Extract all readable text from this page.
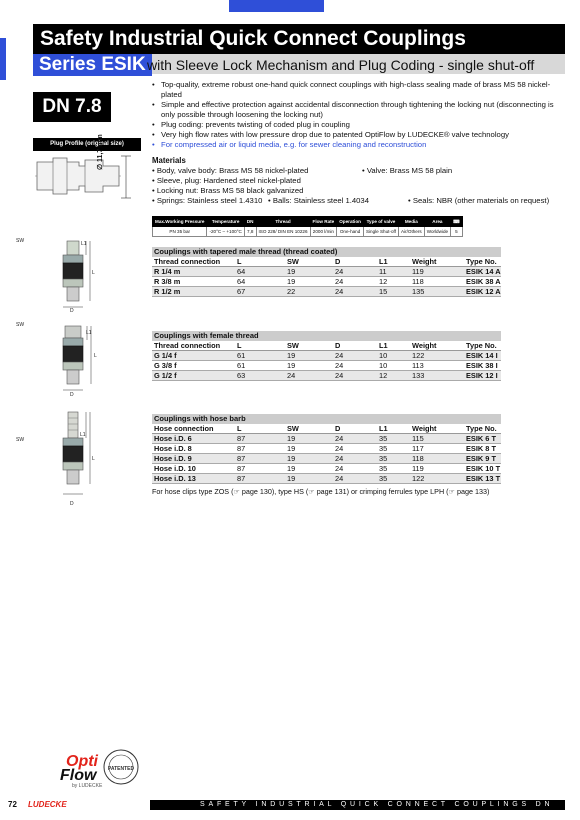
Safety Industrial Quick Connect Couplings
Series ESIK with Sleeve Lock Mechanism and Plug Coding - single shut-off
DN 7.8
Plug Profile (original size)
∅ 11,7 mm
• Top-quality, extreme robust one-hand quick connect couplings with high-class sealing made of brass MS 58 nickel-plated
• Simple and effective protection against accidental disconnection through tightening the locking nut (disconnecting is only possible through loosening the locking nut)
• Plug coding: prevents twisting of coded plug in coupling
• Very high flow rates with low pressure drop due to patented OptiFlow by LUDECKE® valve technology
• For compressed air or liquid media, e.g. for sewer cleaning and reconstruction
Materials
• Body, valve body: Brass MS 58 nickel-plated	• Valve: Brass MS 58 plain
• Sleeve, plug: Hardened steel nickel-plated
• Locking nut: Brass MS 58 black galvanized
• Springs: Stainless steel 1.4310 • Balls: Stainless steel 1.4034	• Seals: NBR (other materials on request)
Max.Working Pressure	Temperature	DN	Thread	Flow Rate	Operation	Type of valve	Media	Area	⌨
PN 35 bar	-20°C – +100°C	7,8	ISO 228/ DIN EN 10226	2000 l/min	One-hand	Single Shut-off	Air/Others	Worldwide	5
SW	L1
L
D
SW
L1
L
D
SW
L1
L
D
Couplings with tapered male thread (thread coated)
Thread connection	L	SW	D	L1	Weight	Type No.
R 1/4 m	64	19	24	11	119	ESIK 14 A
R 3/8 m	64	19	24	12	118	ESIK 38 A
R 1/2 m	67	22	24	15	135	ESIK 12 A
Couplings with female thread
Thread connection	L	SW	D	L1	Weight	Type No.
G 1/4 f	61	19	24	10	122	ESIK 14 I
G 3/8 f	61	19	24	10	113	ESIK 38 I
G 1/2 f	63	24	24	12	133	ESIK 12 I
Couplings with hose barb
Hose connection	L	SW	D	L1	Weight	Type No.
Hose i.D. 6	87	19	24	35	115	ESIK 6 T
Hose i.D. 8	87	19	24	35	117	ESIK 8 T
Hose i.D. 9	87	19	24	35	118	ESIK 9 T
Hose i.D. 10	87	19	24	35	119	ESIK 10 T
Hose i.D. 13	87	19	24	35	122	ESIK 13 T
For hose clips type ZOS (☞ page 130), type HS (☞ page 131) or crimping ferrules type LPH (☞ page 133)
Opti
Flow
by LUDECKE
PATENTED
72 LUDECKE	SAFETY INDUSTRIAL QUICK CONNECT COUPLINGS DN 7.8
